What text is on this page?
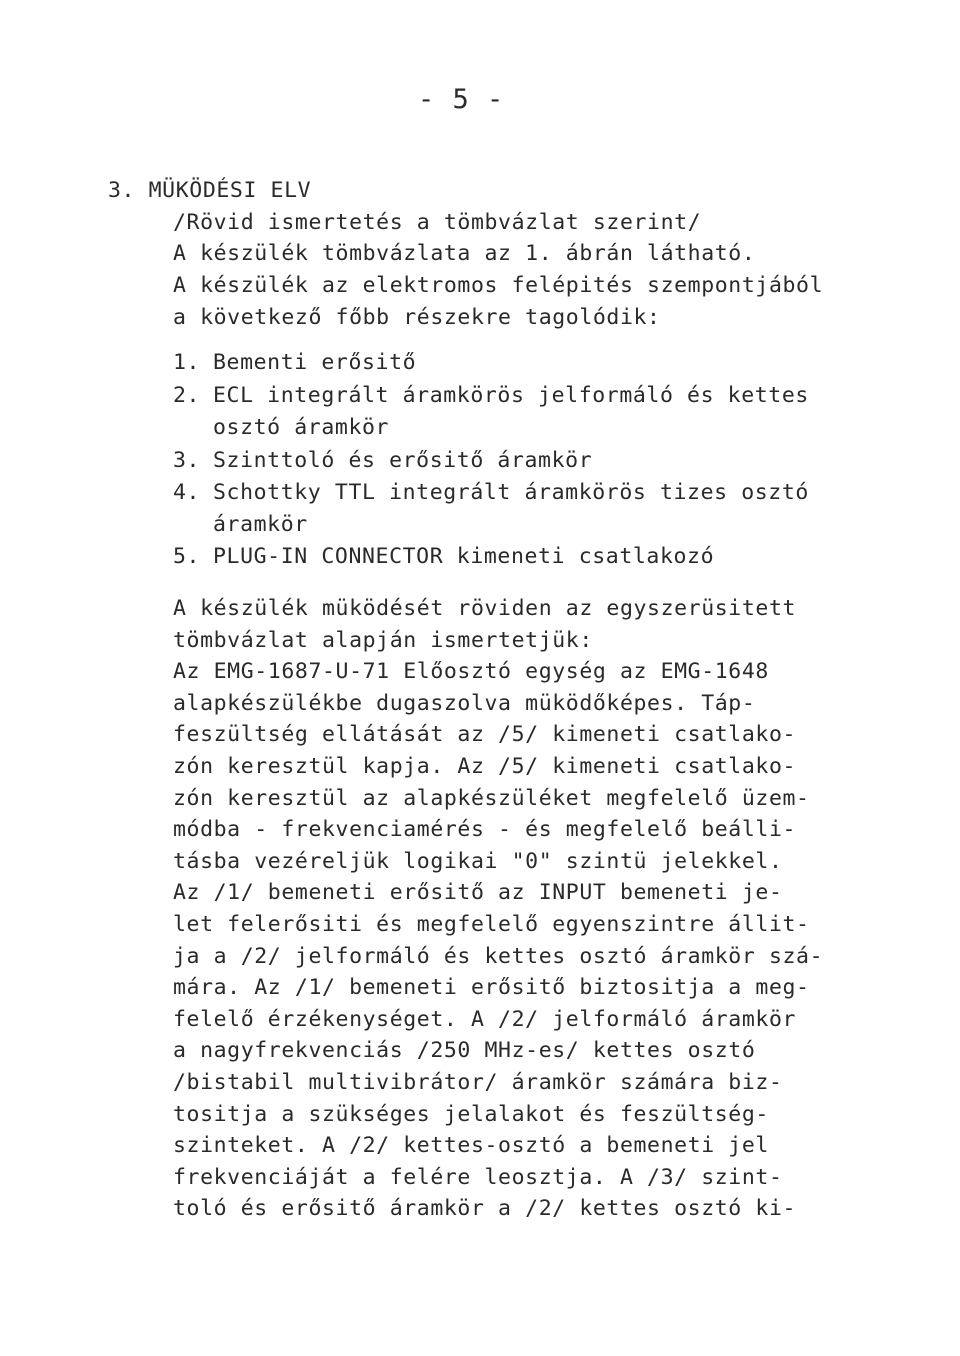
- 5 -
3. MÜKÖDÉSI ELV
/Rövid ismertetés a tömbvázlat szerint/
A készülék tömbvázlata az 1. ábrán látható.
A készülék az elektromos felépités szempontjából
a következő főbb részekre tagolódik:
1. Bementi erősitő
2. ECL integrált áramkörös jelformáló és kettes
osztó áramkör
3. Szinttoló és erősitő áramkör
4. Schottky TTL integrált áramkörös tizes osztó
áramkör
5. PLUG-IN CONNECTOR kimeneti csatlakozó
A készülék müködését röviden az egyszerüsitett
tömbvázlat alapján ismertetjük:
Az EMG-1687-U-71 Előosztó egység az EMG-1648
alapkészülékbe dugaszolva müködőképes. Táp-
feszültség ellátását az /5/ kimeneti csatlako-
zón keresztül kapja. Az /5/ kimeneti csatlako-
zón keresztül az alapkészüléket megfelelő üzem-
módba - frekvenciamérés - és megfelelő beálli-
tásba vezéreljük logikai "0" szintü jelekkel.
Az /1/ bemeneti erősitő az INPUT bemeneti je-
let felerősiti és megfelelő egyenszintre állit-
ja a /2/ jelformáló és kettes osztó áramkör szá-
mára. Az /1/ bemeneti erősitő biztositja a meg-
felelő érzékenységet. A /2/ jelformáló áramkör
a nagyfrekvenciás /250 MHz-es/ kettes osztó
/bistabil multivibrátor/ áramkör számára biz-
tositja a szükséges jelalakot és feszültség-
szinteket. A /2/ kettes-osztó a bemeneti jel
frekvenciáját a felére leosztja. A /3/ szint-
toló és erősitő áramkör a /2/ kettes osztó ki-
